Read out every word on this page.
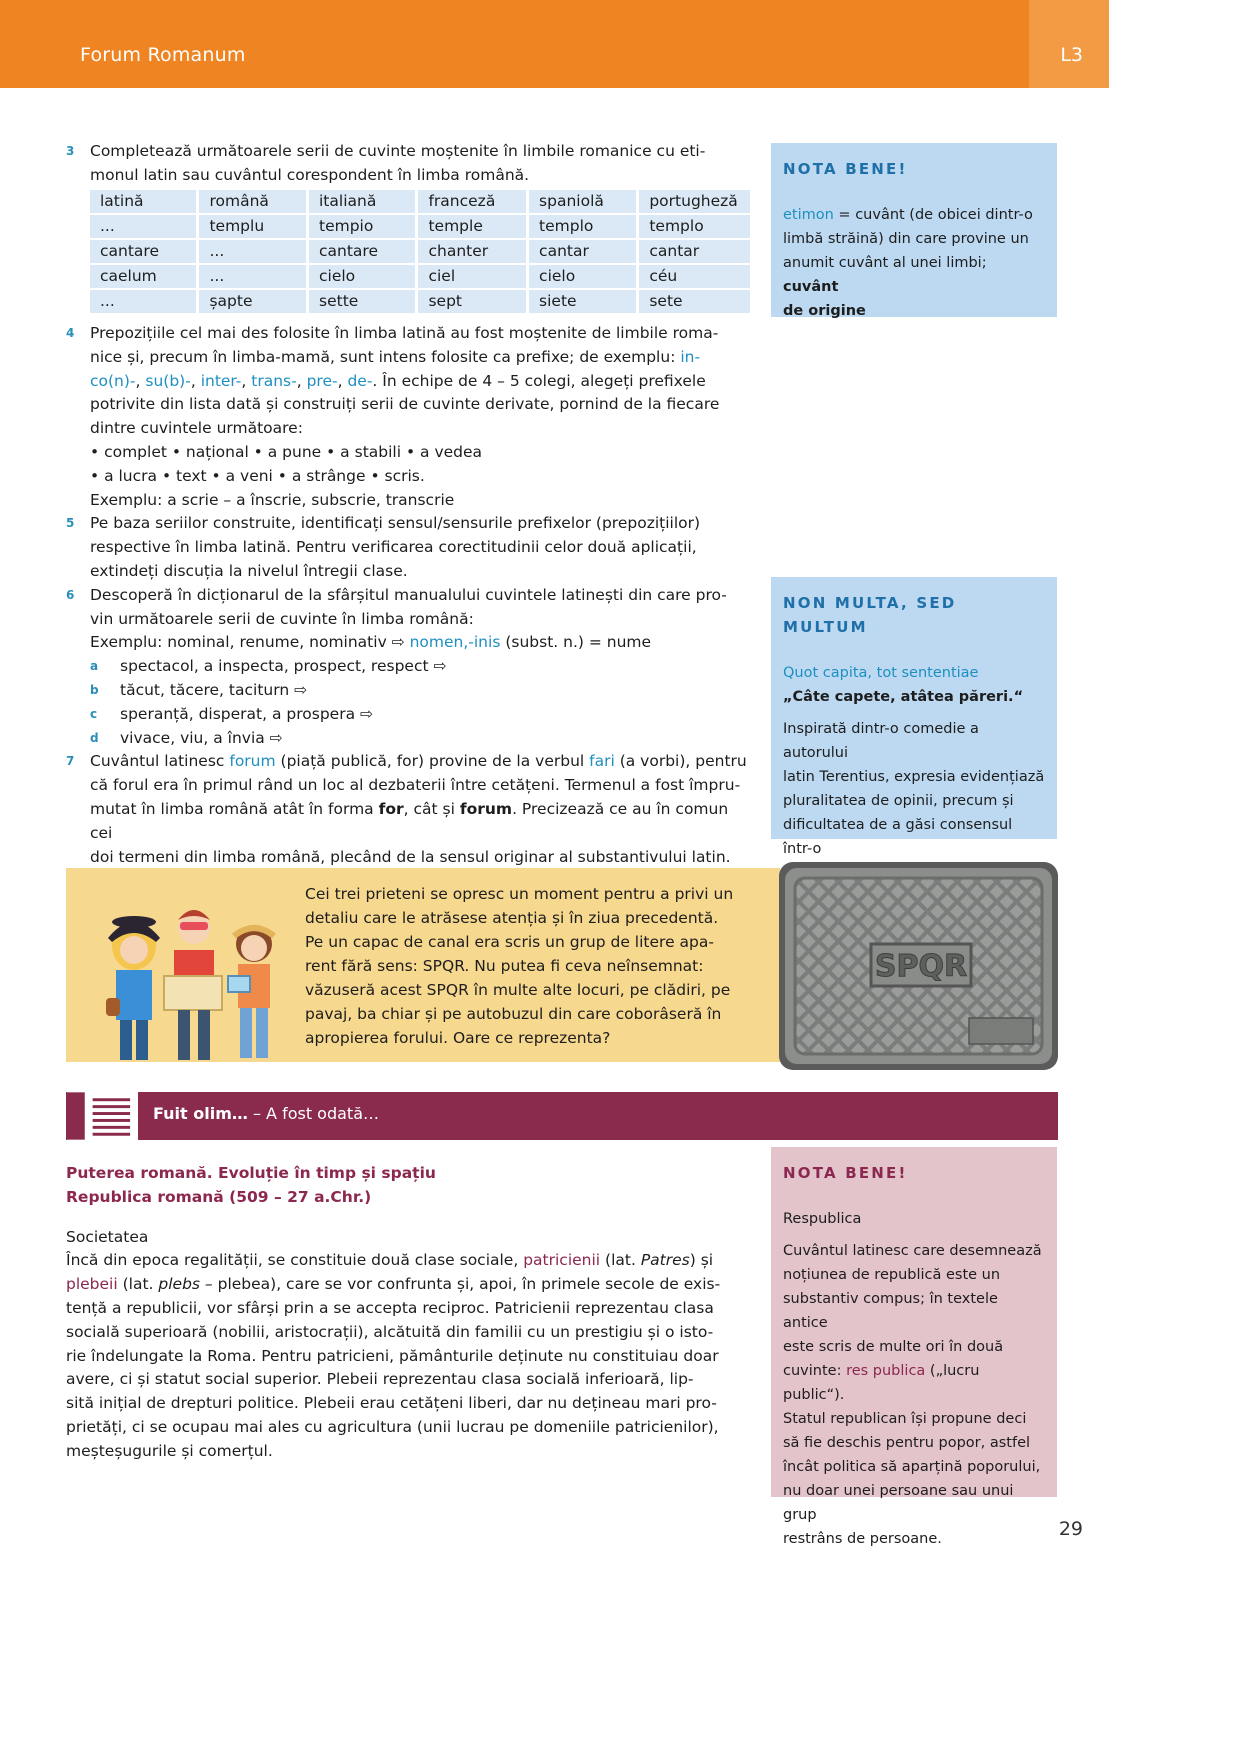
Forum Romanum	L3
3 Completează următoarele serii de cuvinte moștenite în limbile romanice cu eti-
monul latin sau cuvântul corespondent în limba română.
latină	română	italiană	franceză	spaniolă	portugheză
...	templu	tempio	temple	templo	templo
cantare	...	cantare	chanter	cantar	cantar
caelum	...	cielo	ciel	cielo	céu
...	șapte	sette	sept	siete	sete
4 Prepozițiile cel mai des folosite în limba latină au fost moștenite de limbile roma-
nice și, precum în limba-mamă, sunt intens folosite ca prefixe; de exemplu: in-
co(n)-, su(b)-, inter-, trans-, pre-, de-. În echipe de 4 – 5 colegi, alegeți prefixele
potrivite din lista dată și construiți serii de cuvinte derivate, pornind de la fiecare
dintre cuvintele următoare:
• complet • național • a pune • a stabili • a vedea
• a lucra • text • a veni • a strânge • scris.
Exemplu: a scrie – a înscrie, subscrie, transcrie
5 Pe baza seriilor construite, identificați sensul/sensurile prefixelor (prepozițiilor)
respective în limba latină. Pentru verificarea corectitudinii celor două aplicații,
extindeți discuția la nivelul întregii clase.
6 Descoperă în dicționarul de la sfârșitul manualului cuvintele latinești din care pro-
vin următoarele serii de cuvinte în limba română:
Exemplu: nominal, renume, nominativ ⇨ nomen,-inis (subst. n.) = nume
a spectacol, a inspecta, prospect, respect ⇨
b tăcut, tăcere, taciturn ⇨
c speranță, disperat, a prospera ⇨
d vivace, viu, a învia ⇨
7 Cuvântul latinesc forum (piață publică, for) provine de la verbul fari (a vorbi), pentru
că forul era în primul rând un loc al dezbaterii între cetățeni. Termenul a fost împru-
mutat în limba română atât în forma for, cât și forum. Precizează ce au în comun cei
doi termeni din limba română, plecând de la sensul originar al substantivului latin.
NOTA BENE!
etimon = cuvânt (de obicei dintr-o
limbă străină) din care provine un
anumit cuvânt al unei limbi; cuvânt
de origine
NON MULTA, SED MULTUM
Quot capita, tot sententiae
„Câte capete, atâtea păreri.“
Inspirată dintr-o comedie a autorului
latin Terentius, expresia evidențiază
pluralitatea de opinii, precum și
dificultatea de a găsi consensul într-o
Cei trei prieteni se opresc un moment pentru a privi un
detaliu care le atrăsese atenția și în ziua precedentă.
Pe un capac de canal era scris un grup de litere apa-
rent fără sens: SPQR. Nu putea fi ceva neînsemnat:
văzuseră acest SPQR în multe alte locuri, pe clădiri, pe
pavaj, ba chiar și pe autobuzul din care coborâseră în
apropierea forului. Oare ce reprezenta?
SPQR
Fuit olim… – A fost odată…
Puterea romană. Evoluție în timp și spațiu
Republica romană (509 – 27 a.Chr.)
Societatea
Încă din epoca regalității, se constituie două clase sociale, patricienii (lat. Patres) și
plebeii (lat. plebs – plebea), care se vor confrunta și, apoi, în primele secole de exis-
tență a republicii, vor sfârși prin a se accepta reciproc. Patricienii reprezentau clasa
socială superioară (nobilii, aristocrații), alcătuită din familii cu un prestigiu și o isto-
rie îndelungate la Roma. Pentru patricieni, pământurile deținute nu constituiau doar
avere, ci și statut social superior. Plebeii reprezentau clasa socială inferioară, lip-
sită inițial de drepturi politice. Plebeii erau cetățeni liberi, dar nu dețineau mari pro-
prietăți, ci se ocupau mai ales cu agricultura (unii lucrau pe domeniile patricienilor),
meșteșugurile și comerțul.
NOTA BENE!
Respublica
Cuvântul latinesc care desemnează
noțiunea de republică este un
substantiv compus; în textele antice
este scris de multe ori în două
cuvinte: res publica („lucru public“).
Statul republican își propune deci
să fie deschis pentru popor, astfel
încât politica să aparțină poporului,
nu doar unei persoane sau unui grup
restrâns de persoane.	29
